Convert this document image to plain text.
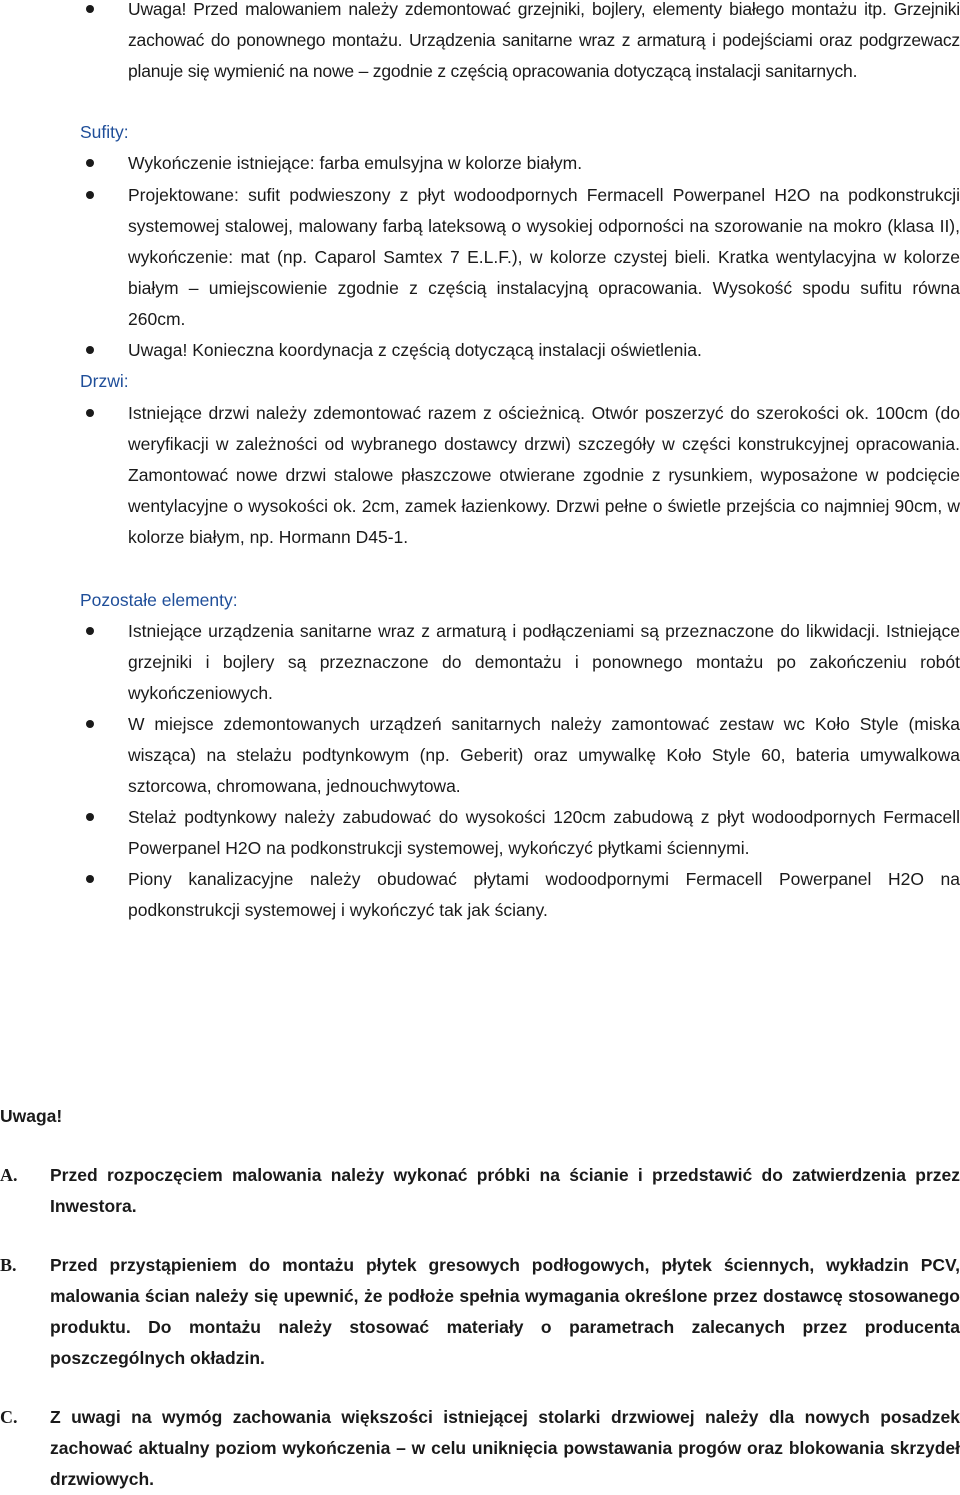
Uwaga! Przed malowaniem należy zdemontować grzejniki, bojlery, elementy białego montażu itp. Grzejniki zachować do ponownego montażu. Urządzenia sanitarne wraz z armaturą i podejściami oraz podgrzewacz planuje się wymienić na nowe – zgodnie z częścią opracowania dotyczącą instalacji sanitarnych.
Sufity:
Wykończenie istniejące: farba emulsyjna w kolorze białym.
Projektowane: sufit podwieszony z płyt wodoodpornych Fermacell Powerpanel H2O na podkonstrukcji systemowej stalowej, malowany farbą lateksową o wysokiej odporności na szorowanie na mokro (klasa II), wykończenie: mat (np. Caparol Samtex 7 E.L.F.), w kolorze czystej bieli. Kratka wentylacyjna w kolorze białym – umiejscowienie zgodnie z częścią instalacyjną opracowania. Wysokość spodu sufitu równa 260cm.
Uwaga! Konieczna koordynacja z częścią dotyczącą instalacji oświetlenia.
Drzwi:
Istniejące drzwi należy zdemontować razem z ościeżnicą. Otwór poszerzyć do szerokości ok. 100cm (do weryfikacji w zależności od wybranego dostawcy drzwi) szczegóły w części konstrukcyjnej opracowania. Zamontować nowe drzwi stalowe płaszczowe otwierane zgodnie z rysunkiem, wyposażone w podcięcie wentylacyjne o wysokości ok. 2cm, zamek łazienkowy. Drzwi pełne o świetle przejścia co najmniej 90cm, w kolorze białym, np. Hormann D45-1.
Pozostałe elementy:
Istniejące urządzenia sanitarne wraz z armaturą i podłączeniami są przeznaczone do likwidacji. Istniejące grzejniki i bojlery są przeznaczone do demontażu i ponownego montażu po zakończeniu robót wykończeniowych.
W miejsce zdemontowanych urządzeń sanitarnych należy zamontować zestaw wc Koło Style (miska wisząca) na stelażu podtynkowym (np. Geberit) oraz umywalkę Koło Style 60, bateria umywalkowa sztorcowa, chromowana, jednouchwytowa.
Stelaż podtynkowy należy zabudować do wysokości 120cm zabudową z płyt wodoodpornych Fermacell Powerpanel H2O na podkonstrukcji systemowej, wykończyć płytkami ściennymi.
Piony kanalizacyjne należy obudować płytami wodoodpornymi Fermacell Powerpanel H2O na podkonstrukcji systemowej i wykończyć tak jak ściany.
Uwaga!
A. Przed rozpoczęciem malowania należy wykonać próbki na ścianie i przedstawić do zatwierdzenia przez Inwestora.
B. Przed przystąpieniem do montażu płytek gresowych podłogowych, płytek ściennych, wykładzin PCV, malowania ścian należy się upewnić, że podłoże spełnia wymagania określone przez dostawcę stosowanego produktu. Do montażu należy stosować materiały o parametrach zalecanych przez producenta poszczególnych okładzin.
C. Z uwagi na wymóg zachowania większości istniejącej stolarki drzwiowej należy dla nowych posadzek zachować aktualny poziom wykończenia – w celu uniknięcia powstawania progów oraz blokowania skrzydeł drzwiowych.
